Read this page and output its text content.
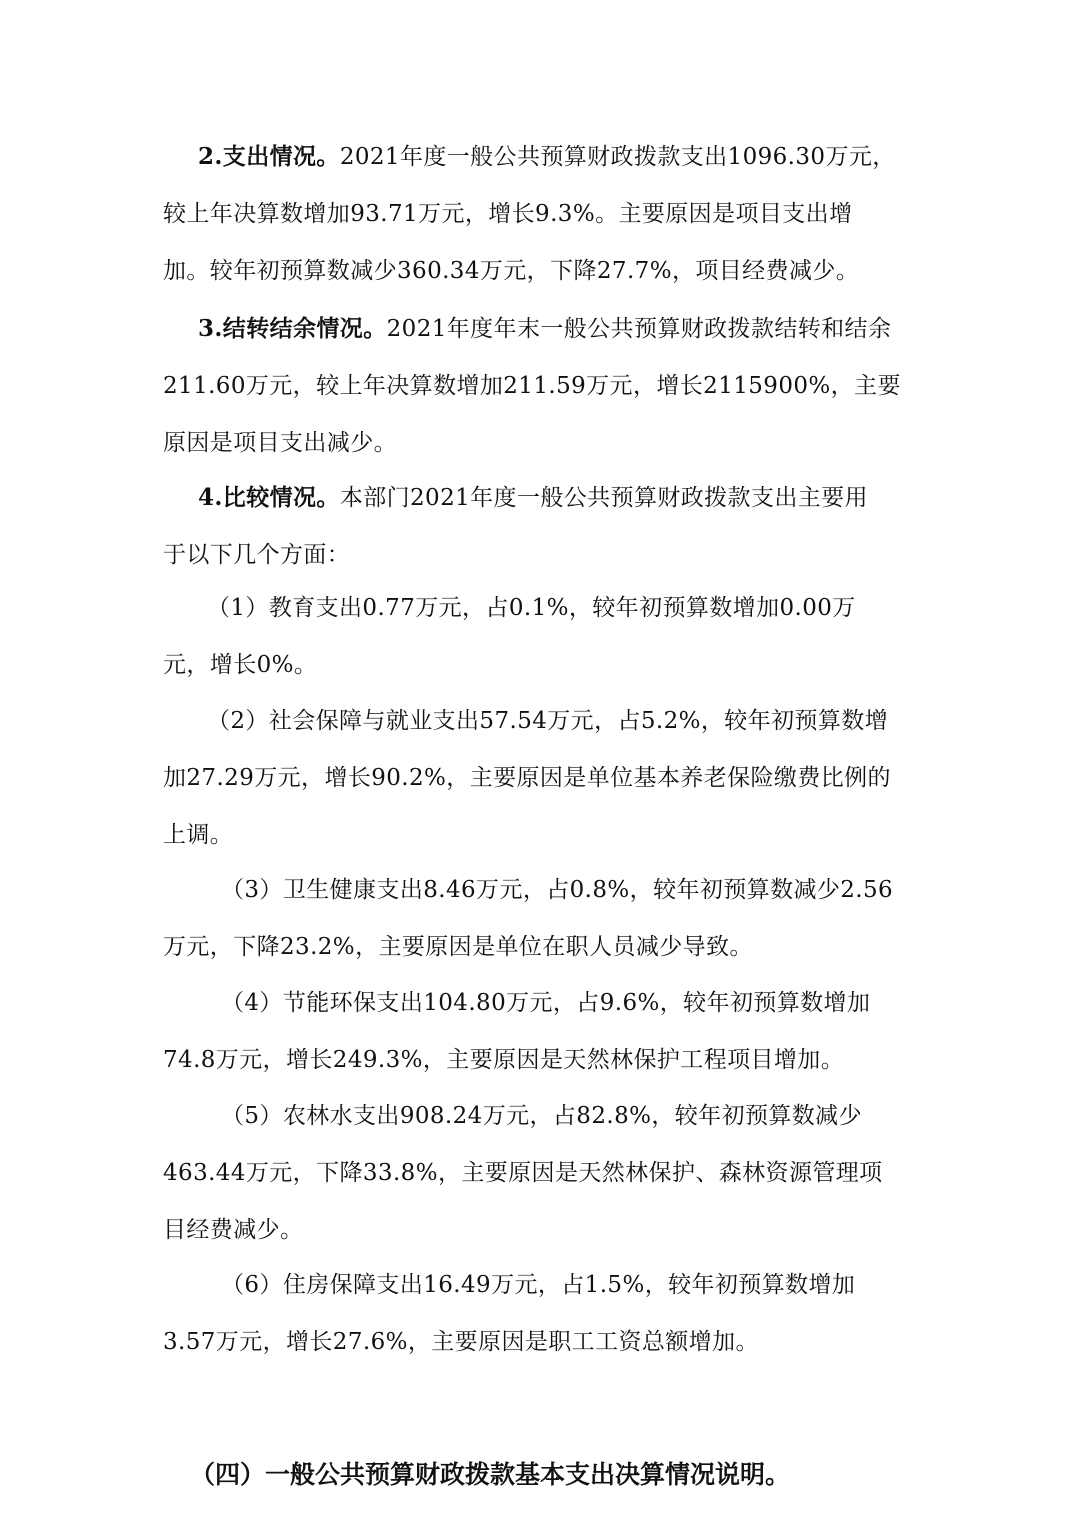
2.支出情况。2021年度一般公共预算财政拨款支出1096.30万元，
较上年决算数增加93.71万元，增长9.3%。主要原因是项目支出增
加。较年初预算数减少360.34万元，下降27.7%，项目经费减少。
3.结转结余情况。2021年度年末一般公共预算财政拨款结转和结余
211.60万元，较上年决算数增加211.59万元，增长2115900%，主要
原因是项目支出减少。
4.比较情况。本部门2021年度一般公共预算财政拨款支出主要用
于以下几个方面：
（1）教育支出0.77万元，占0.1%，较年初预算数增加0.00万
元，增长0%。
（2）社会保障与就业支出57.54万元，占5.2%，较年初预算数增
加27.29万元，增长90.2%，主要原因是单位基本养老保险缴费比例的
上调。
（3）卫生健康支出8.46万元，占0.8%，较年初预算数减少2.56
万元，下降23.2%，主要原因是单位在职人员减少导致。
（4）节能环保支出104.80万元，占9.6%，较年初预算数增加
74.8万元，增长249.3%，主要原因是天然林保护工程项目增加。
（5）农林水支出908.24万元，占82.8%，较年初预算数减少
463.44万元，下降33.8%，主要原因是天然林保护、森林资源管理项
目经费减少。
（6）住房保障支出16.49万元，占1.5%，较年初预算数增加
3.57万元，增长27.6%，主要原因是职工工资总额增加。
（四）一般公共预算财政拨款基本支出决算情况说明。
